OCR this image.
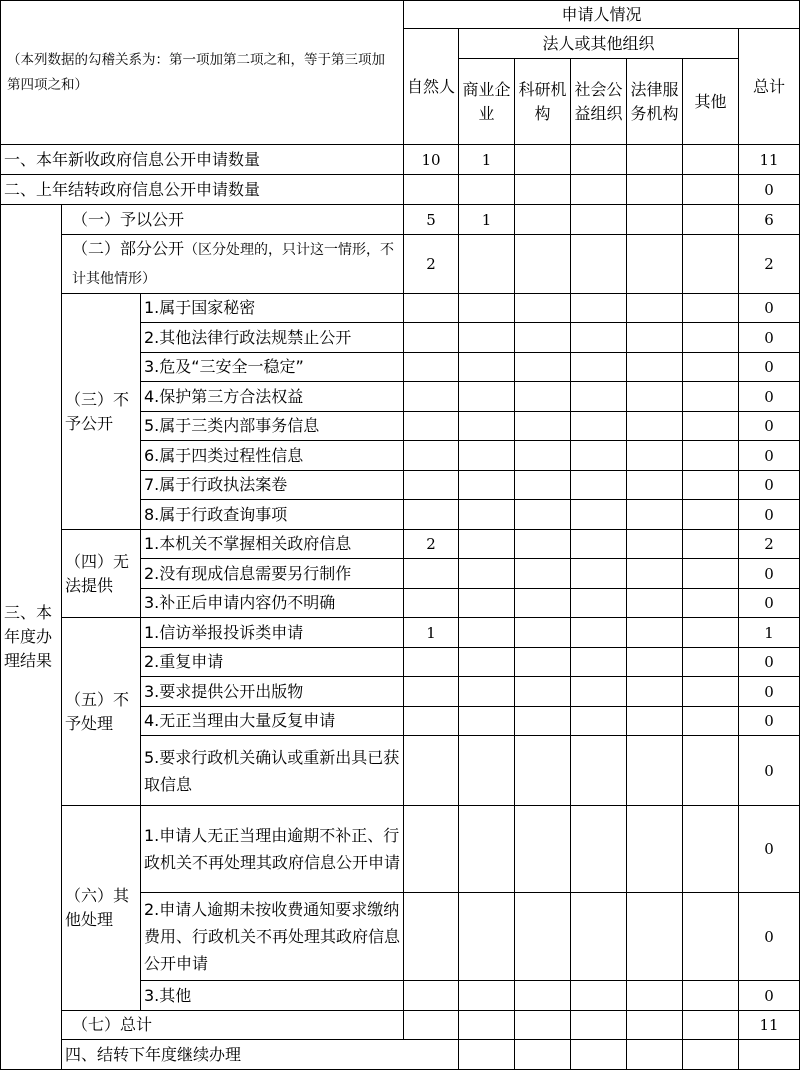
（本列数据的勾稽关系为：第一项加第二项之和，等于第三项加第四项之和）			申请人情况							
			自然人	法人或其他组织					总计	
				商业企业	科研机构	社会公益组织	法律服务机构	其他		
一、本年新收政府信息公开申请数量			10	1					11	
二、上年结转政府信息公开申请数量									0	
三、本年度办理结果	（一）予以公开		5	1					6	
	（二）部分公开（区分处理的，只计这一情形，不计其他情形）		2						2	
	（三）不予公开	1.属于国家秘密							0	
		2.其他法律行政法规禁止公开							0	
		3.危及“三安全一稳定”							0	
		4.保护第三方合法权益							0	
		5.属于三类内部事务信息							0	
		6.属于四类过程性信息							0	
		7.属于行政执法案卷							0	
		8.属于行政查询事项							0	
	（四）无法提供	1.本机关不掌握相关政府信息	2						2	
		2.没有现成信息需要另行制作							0	
		3.补正后申请内容仍不明确							0	
	（五）不予处理	1.信访举报投诉类申请	1						1	
		2.重复申请							0	
		3.要求提供公开出版物							0	
		4.无正当理由大量反复申请							0	
		5.要求行政机关确认或重新出具已获取信息							0	
	（六）其他处理	1.申请人无正当理由逾期不补正、行政机关不再处理其政府信息公开申请							0	
		2.申请人逾期未按收费通知要求缴纳费用、行政机关不再处理其政府信息公开申请							0	
		3.其他							0	
	（七）总计								11	
	四、结转下年度继续办理							
